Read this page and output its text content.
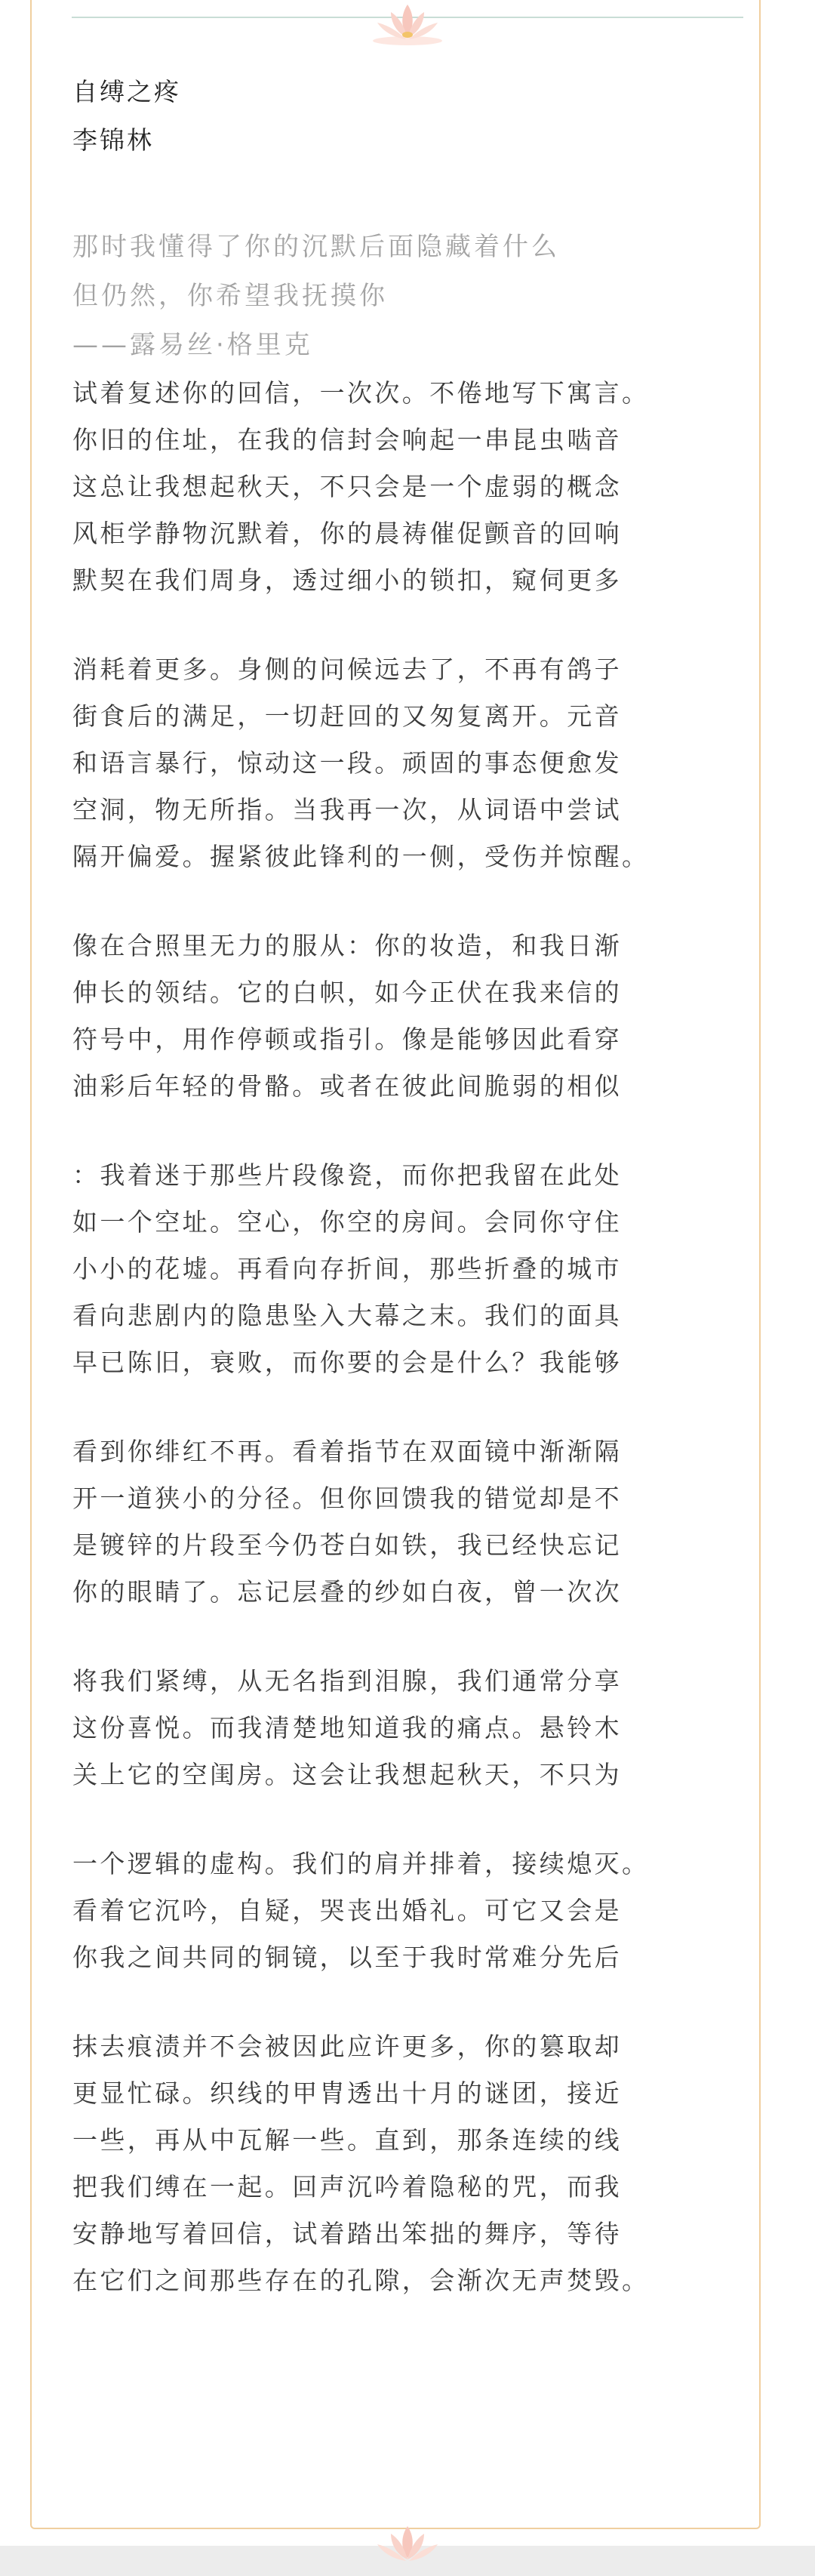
自缚之疼
李锦林
那时我懂得了你的沉默后面隐藏着什么
但仍然，你希望我抚摸你
——露易丝·格里克
试着复述你的回信，一次次。不倦地写下寓言。
你旧的住址，在我的信封会响起一串昆虫啮音
这总让我想起秋天，不只会是一个虚弱的概念
风柜学静物沉默着，你的晨祷催促颤音的回响
默契在我们周身，透过细小的锁扣，窥伺更多
消耗着更多。身侧的问候远去了，不再有鸽子
街食后的满足，一切赶回的又匆复离开。元音
和语言暴行，惊动这一段。顽固的事态便愈发
空洞，物无所指。当我再一次，从词语中尝试
隔开偏爱。握紧彼此锋利的一侧，受伤并惊醒。
像在合照里无力的服从：你的妆造，和我日渐
伸长的领结。它的白帜，如今正伏在我来信的
符号中，用作停顿或指引。像是能够因此看穿
油彩后年轻的骨骼。或者在彼此间脆弱的相似
：我着迷于那些片段像瓷，而你把我留在此处
如一个空址。空心，你空的房间。会同你守住
小小的花墟。再看向存折间，那些折叠的城市
看向悲剧内的隐患坠入大幕之末。我们的面具
早已陈旧，衰败，而你要的会是什么？我能够
看到你绯红不再。看着指节在双面镜中渐渐隔
开一道狭小的分径。但你回馈我的错觉却是不
是镀锌的片段至今仍苍白如铁，我已经快忘记
你的眼睛了。忘记层叠的纱如白夜，曾一次次
将我们紧缚，从无名指到泪腺，我们通常分享
这份喜悦。而我清楚地知道我的痛点。悬铃木
关上它的空闺房。这会让我想起秋天，不只为
一个逻辑的虚构。我们的肩并排着，接续熄灭。
看着它沉吟，自疑，哭丧出婚礼。可它又会是
你我之间共同的铜镜，以至于我时常难分先后
抹去痕渍并不会被因此应许更多，你的篡取却
更显忙碌。织线的甲胄透出十月的谜团，接近
一些，再从中瓦解一些。直到，那条连续的线
把我们缚在一起。回声沉吟着隐秘的咒，而我
安静地写着回信，试着踏出笨拙的舞序，等待
在它们之间那些存在的孔隙，会渐次无声焚毁。
